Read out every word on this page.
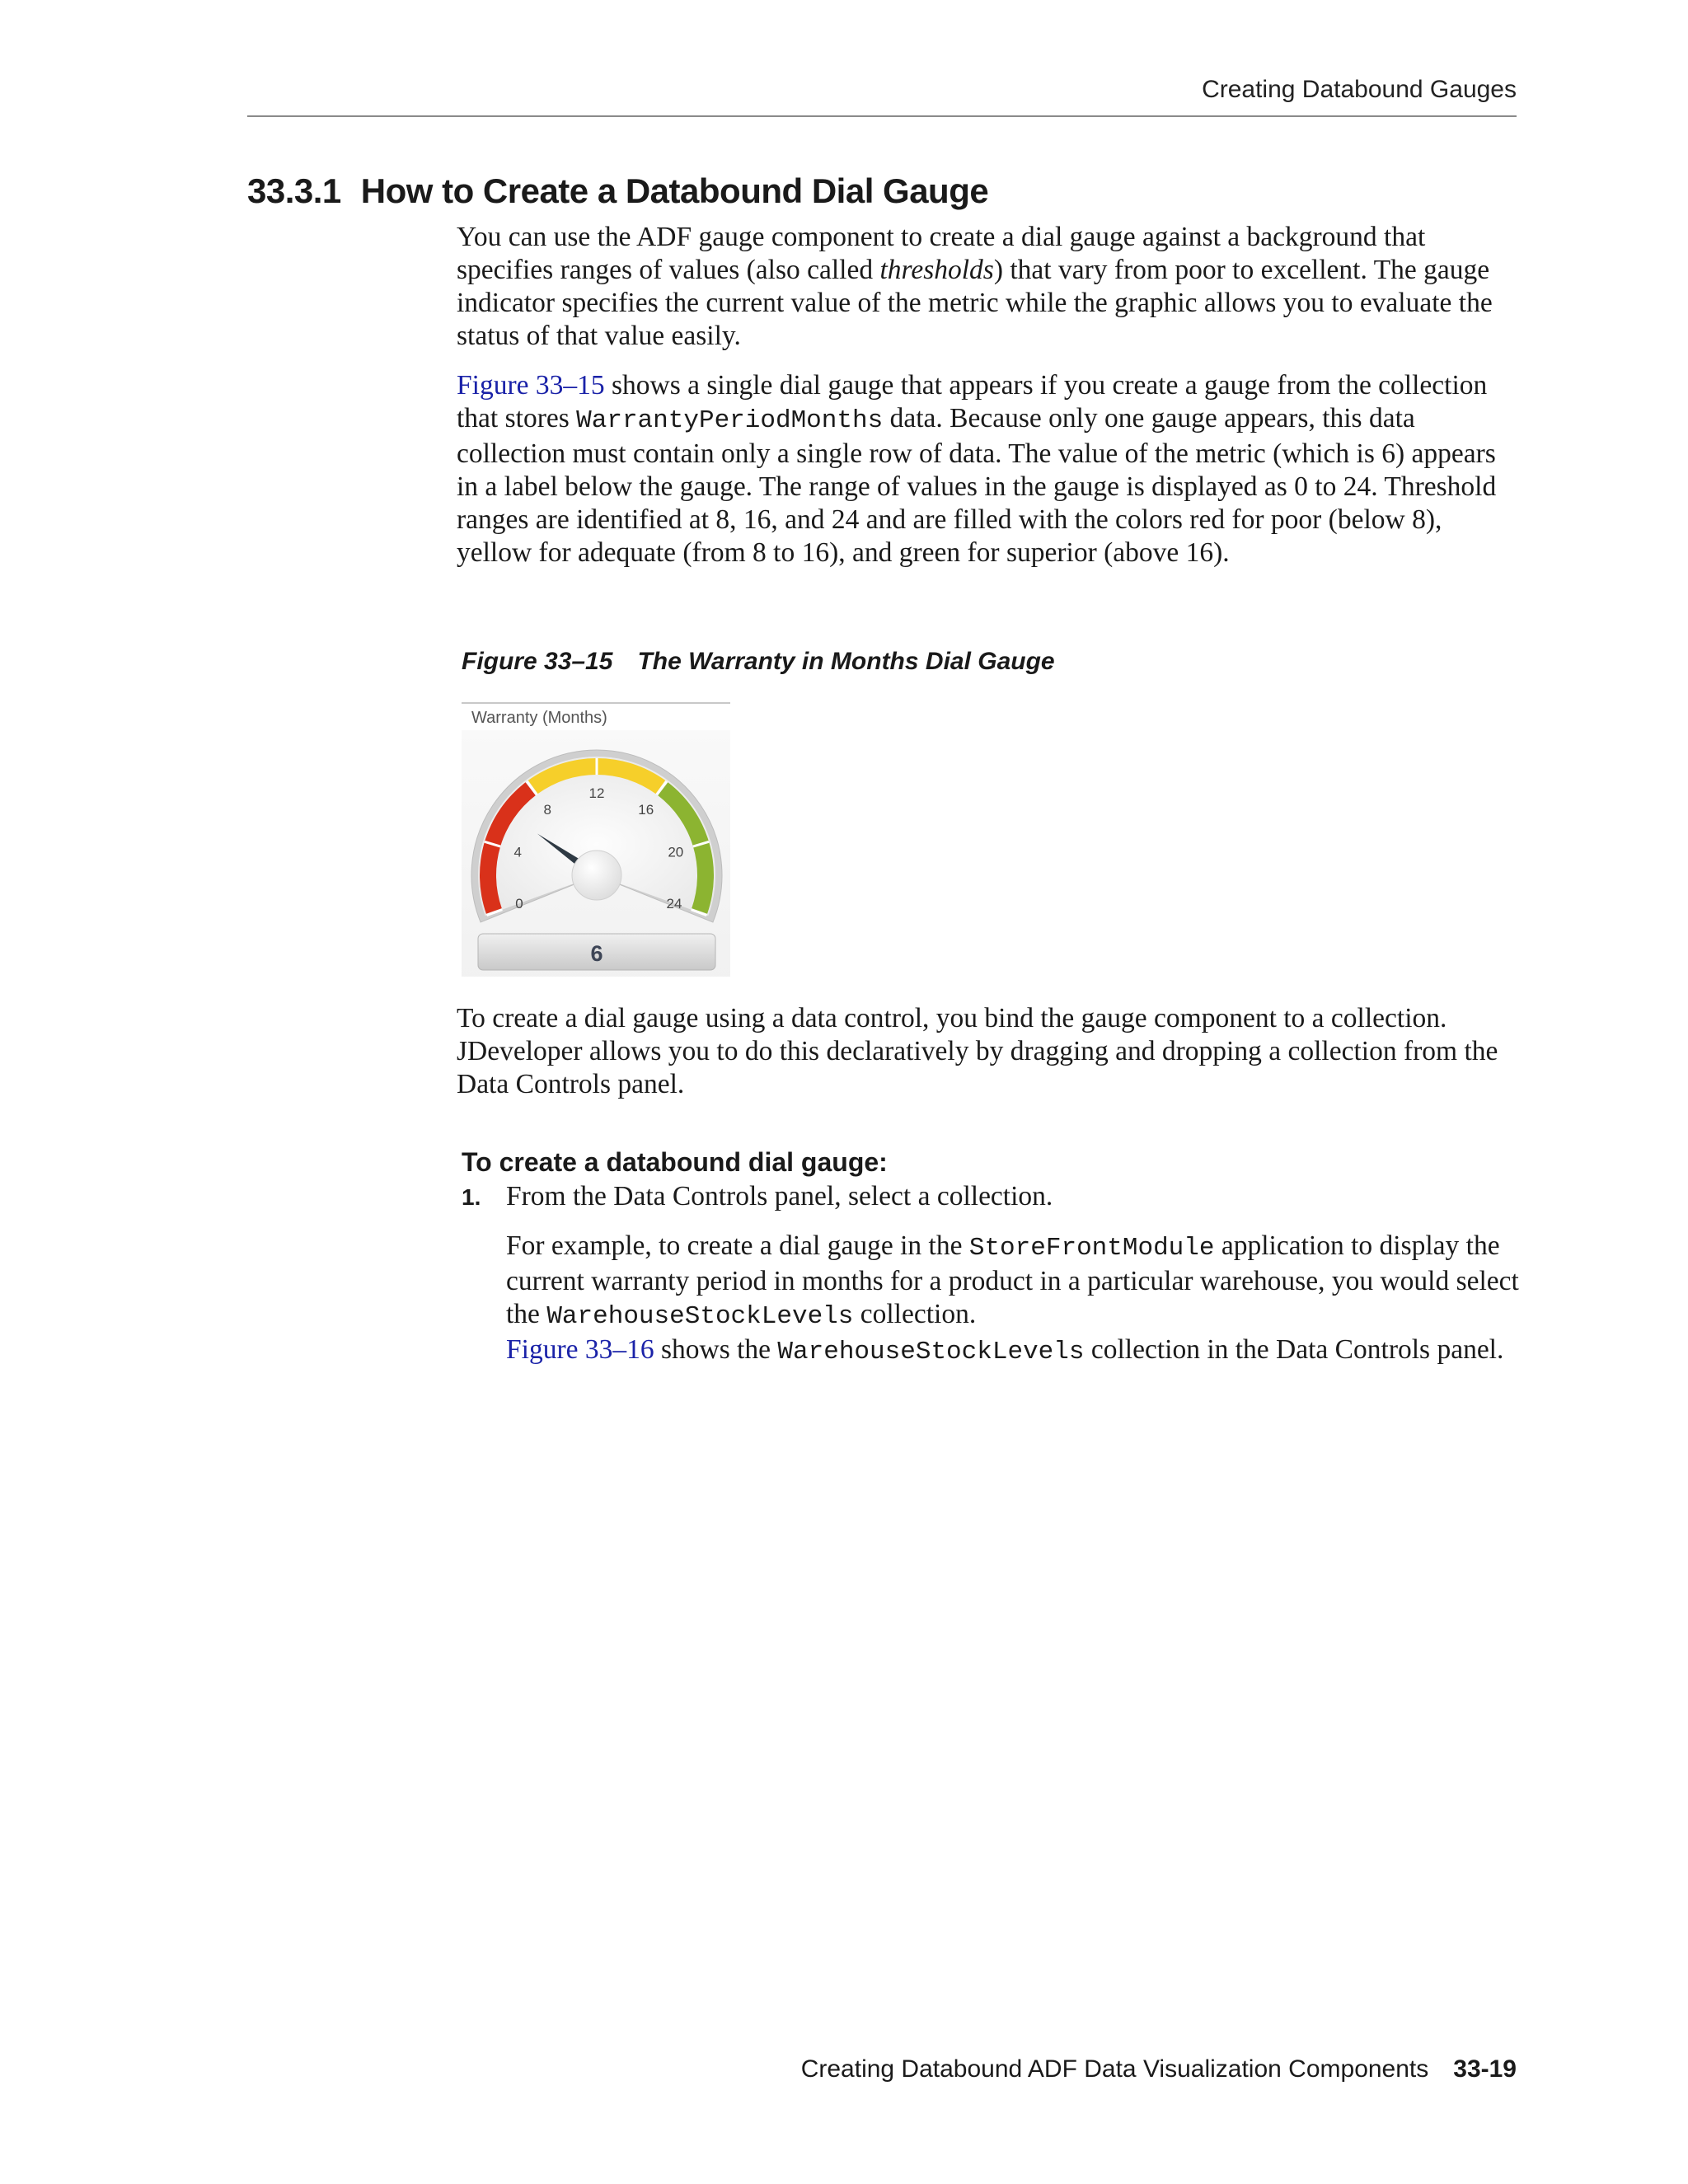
Creating Databound Gauges
33.3.1 How to Create a Databound Dial Gauge

You can use the ADF gauge component to create a dial gauge against a background that specifies ranges of values (also called thresholds) that vary from poor to excellent. The gauge indicator specifies the current value of the metric while the graphic allows you to evaluate the status of that value easily.

Figure 33–15 shows a single dial gauge that appears if you create a gauge from the collection that stores WarrantyPeriodMonths data. Because only one gauge appears, this data collection must contain only a single row of data. The value of the metric (which is 6) appears in a label below the gauge. The range of values in the gauge is displayed as 0 to 24. Threshold ranges are identified at 8, 16, and 24 and are filled with the colors red for poor (below 8), yellow for adequate (from 8 to 16), and green for superior (above 16).

Figure 33–15 The Warranty in Months Dial Gauge
Warranty (Months)
0
4
8
12
16
20
24
6

To create a dial gauge using a data control, you bind the gauge component to a collection. JDeveloper allows you to do this declaratively by dragging and dropping a collection from the Data Controls panel.

To create a databound dial gauge:
1. From the Data Controls panel, select a collection.

For example, to create a dial gauge in the StoreFrontModule application to display the current warranty period in months for a product in a particular warehouse, you would select the WarehouseStockLevels collection.
Figure 33–16 shows the WarehouseStockLevels collection in the Data Controls panel.

Creating Databound ADF Data Visualization Components 33-19
